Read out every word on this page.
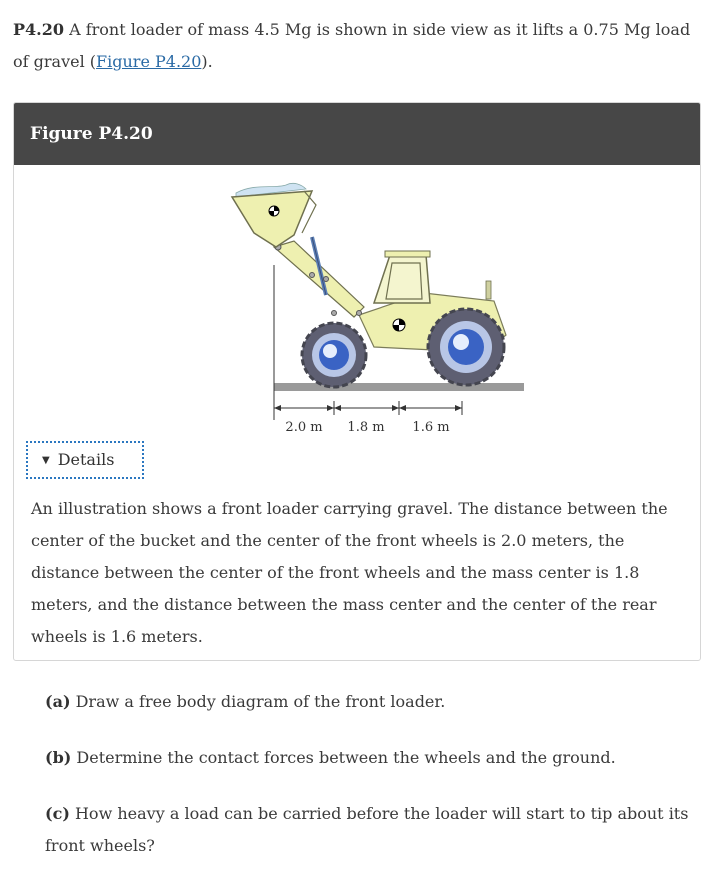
P4.20 A front loader of mass 4.5 Mg is shown in side view as it lifts a 0.75 Mg load of gravel (Figure P4.20).
Figure P4.20
2.0 m 1.8 m 1.6 m
▼ Details
An illustration shows a front loader carrying gravel. The distance between the center of the bucket and the center of the front wheels is 2.0 meters, the distance between the center of the front wheels and the mass center is 1.8 meters, and the distance between the mass center and the center of the rear wheels is 1.6 meters.
(a) Draw a free body diagram of the front loader.
(b) Determine the contact forces between the wheels and the ground.
(c) How heavy a load can be carried before the loader will start to tip about its front wheels?
